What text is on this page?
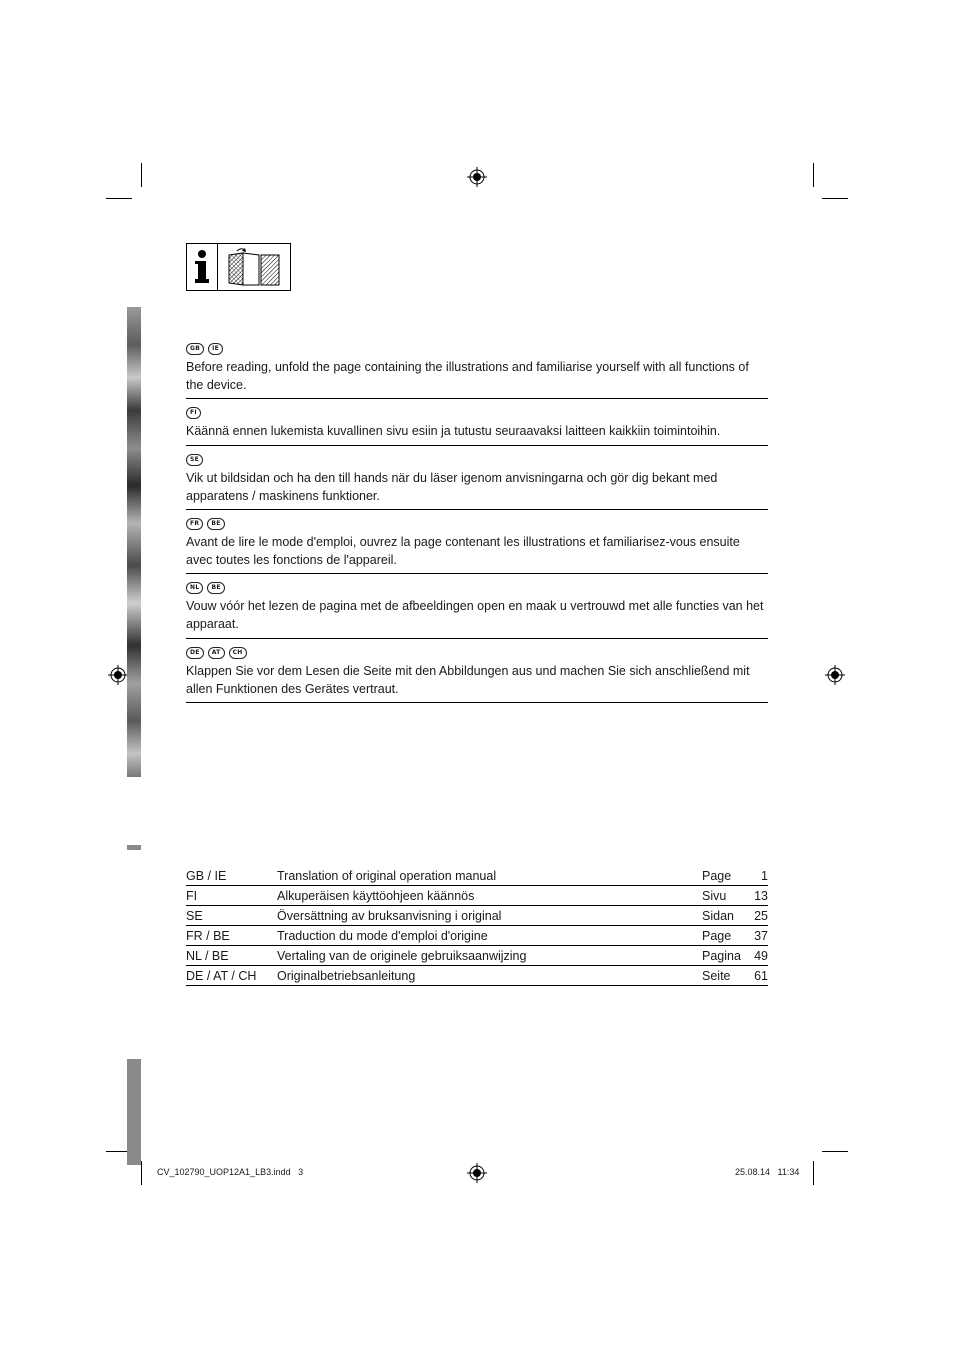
GB	IE
Before reading, unfold the page containing the illustrations and familiarise yourself with all functions of the device.
FI
Käännä ennen lukemista kuvallinen sivu esiin ja tutustu seuraavaksi laitteen kaikkiin toimintoihin.
SE
Vik ut bildsidan och ha den till hands när du läser igenom anvisningarna och gör dig bekant med apparatens / maskinens funktioner.
FR	BE
Avant de lire le mode d'emploi, ouvrez la page contenant les illustrations et familiarisez-vous ensuite avec toutes les fonctions de l'appareil.
NL	BE
Vouw vóór het lezen de pagina met de afbeeldingen open en maak u vertrouwd met alle functies van het apparaat.
DE	AT	CH
Klappen Sie vor dem Lesen die Seite mit den Abbildungen aus und machen Sie sich anschließend mit allen Funktionen des Gerätes vertraut.
GB / IE	Translation of original operation manual	Page	1
FI	Alkuperäisen käyttöohjeen käännös	Sivu	13
SE	Översättning av bruksanvisning i original	Sidan	25
FR / BE	Traduction du mode d'emploi d'origine	Page	37
NL / BE	Vertaling van de originele gebruiksaanwijzing	Pagina	49
DE / AT / CH	Originalbetriebsanleitung	Seite	61
CV_102790_UOP12A1_LB3.indd   3	25.08.14   11:34
